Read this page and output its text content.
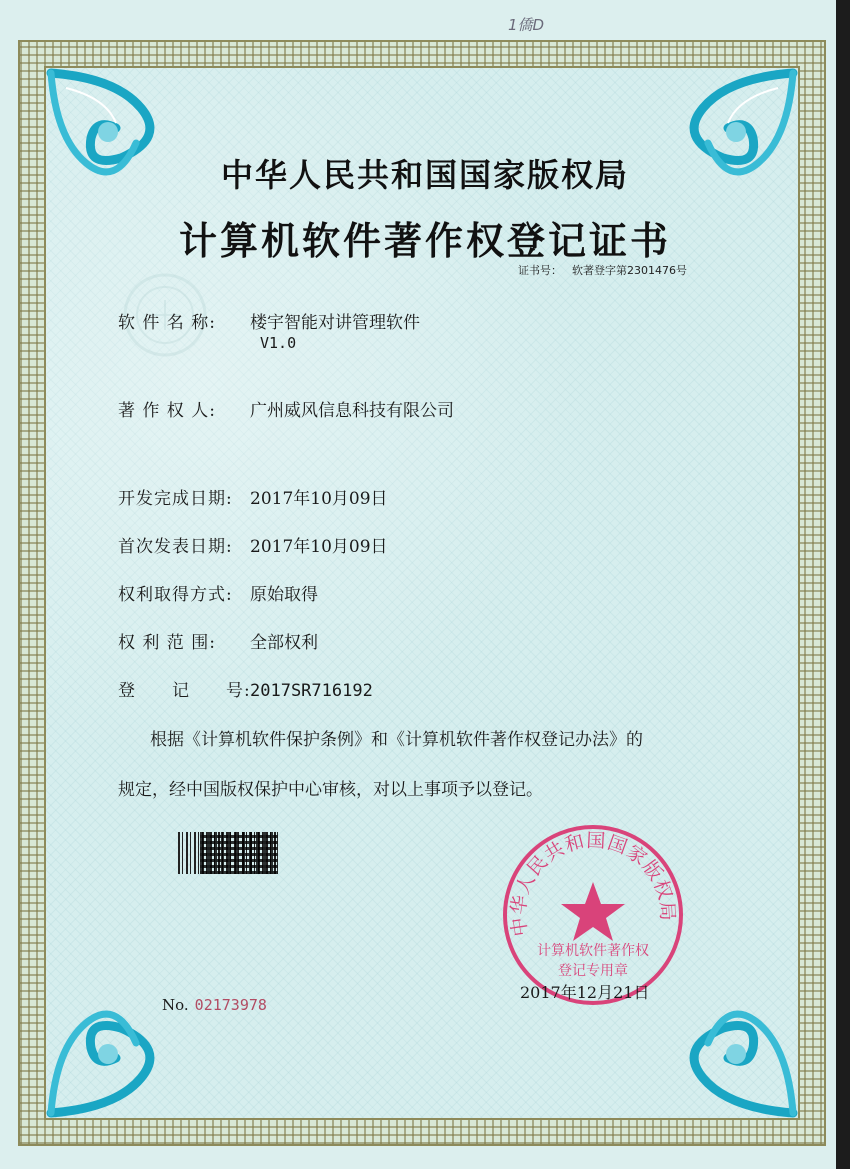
1僑D
中华人民共和国国家版权局
计算机软件著作权登记证书
证书号： 软著登字第2301476号
软 件 名 称: 楼宇智能对讲管理软件
V1.0
著 作 权 人: 广州威风信息科技有限公司
开发完成日期: 2017年10月09日
首次发表日期: 2017年10月09日
权利取得方式: 原始取得
权 利 范 围: 全部权利
登　　记　　号:2017SR716192
根据《计算机软件保护条例》和《计算机软件著作权登记办法》的
规定，经中国版权保护中心审核，对以上事项予以登记。
中华人民共和国国家版权局
计算机软件著作权
登记专用章
2017年12月21日
No. 02173978
